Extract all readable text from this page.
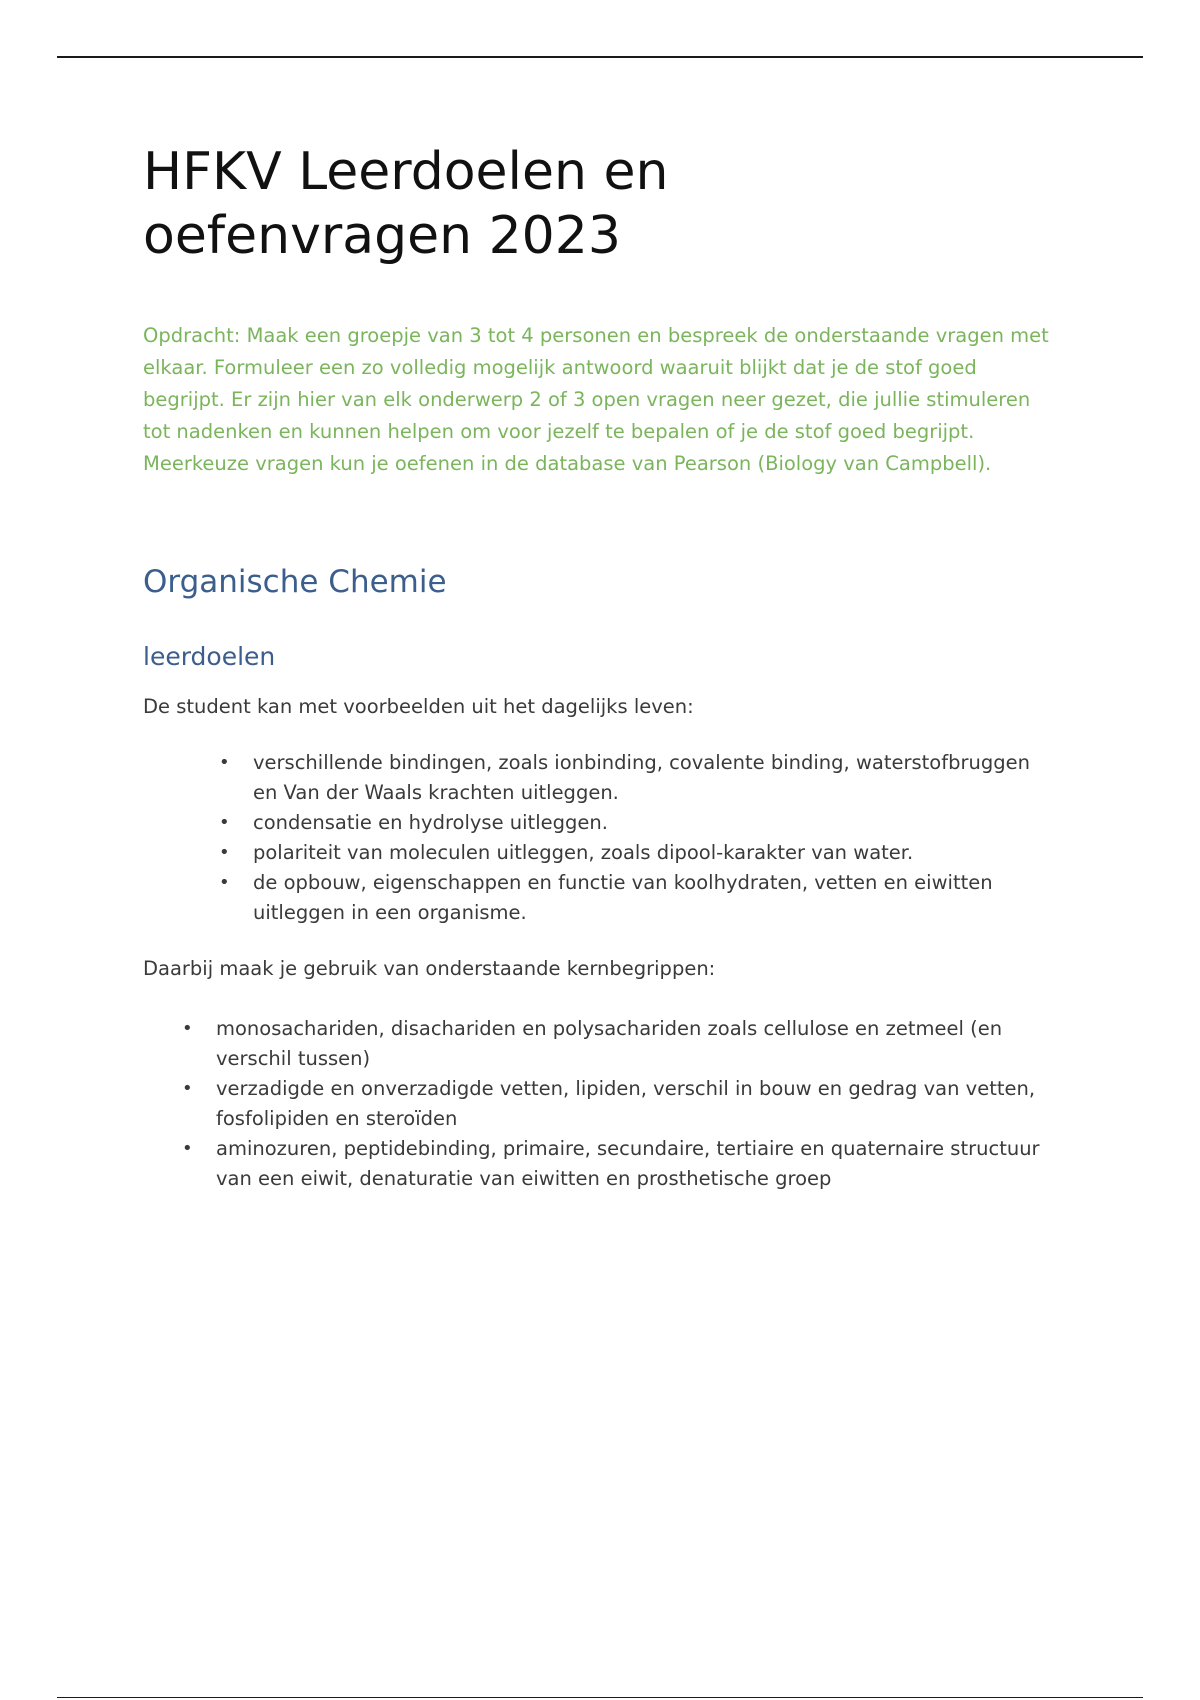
HFKV Leerdoelen en oefenvragen 2023

Opdracht: Maak een groepje van 3 tot 4 personen en bespreek de onderstaande vragen met elkaar. Formuleer een zo volledig mogelijk antwoord waaruit blijkt dat je de stof goed begrijpt. Er zijn hier van elk onderwerp 2 of 3 open vragen neer gezet, die jullie stimuleren tot nadenken en kunnen helpen om voor jezelf te bepalen of je de stof goed begrijpt. Meerkeuze vragen kun je oefenen in de database van Pearson (Biology van Campbell).

Organische Chemie
leerdoelen

De student kan met voorbeelden uit het dagelijks leven:

• verschillende bindingen, zoals ionbinding, covalente binding, waterstofbruggen en Van der Waals krachten uitleggen.
• condensatie en hydrolyse uitleggen.
• polariteit van moleculen uitleggen, zoals dipool-karakter van water.
• de opbouw, eigenschappen en functie van koolhydraten, vetten en eiwitten uitleggen in een organisme.

Daarbij maak je gebruik van onderstaande kernbegrippen:

• monosachariden, disachariden en polysachariden zoals cellulose en zetmeel (en verschil tussen)
• verzadigde en onverzadigde vetten, lipiden, verschil in bouw en gedrag van vetten, fosfolipiden en steroïden
• aminozuren, peptidebinding, primaire, secundaire, tertiaire en quaternaire structuur van een eiwit, denaturatie van eiwitten en prosthetische groep
